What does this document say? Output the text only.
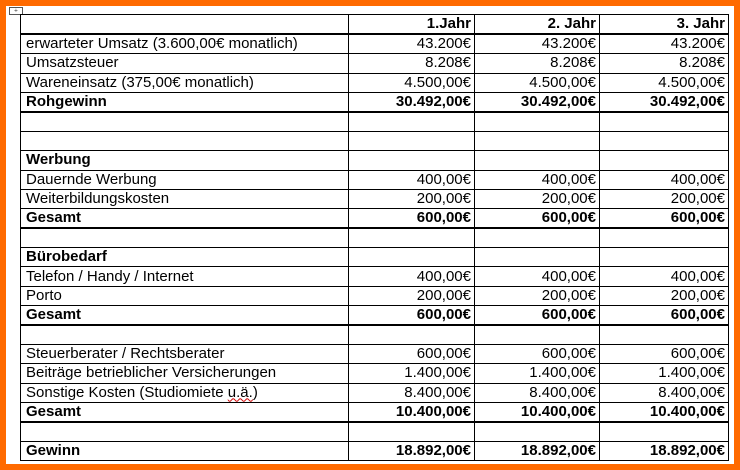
+
	1.Jahr	2. Jahr	3. Jahr
erwarteter Umsatz (3.600,00€ monatlich)	43.200€	43.200€	43.200€
Umsatzsteuer	8.208€	8.208€	8.208€
Wareneinsatz (375,00€ monatlich)	4.500,00€	4.500,00€	4.500,00€
Rohgewinn	30.492,00€	30.492,00€	30.492,00€

Werbung			
Dauernde Werbung	400,00€	400,00€	400,00€
Weiterbildungskosten	200,00€	200,00€	200,00€
Gesamt	600,00€	600,00€	600,00€

Bürobedarf			
Telefon / Handy / Internet	400,00€	400,00€	400,00€
Porto	200,00€	200,00€	200,00€
Gesamt	600,00€	600,00€	600,00€

Steuerberater / Rechtsberater	600,00€	600,00€	600,00€
Beiträge betrieblicher Versicherungen	1.400,00€	1.400,00€	1.400,00€
Sonstige Kosten (Studiomiete u.ä.)	8.400,00€	8.400,00€	8.400,00€
Gesamt	10.400,00€	10.400,00€	10.400,00€

Gewinn	18.892,00€	18.892,00€	18.892,00€
